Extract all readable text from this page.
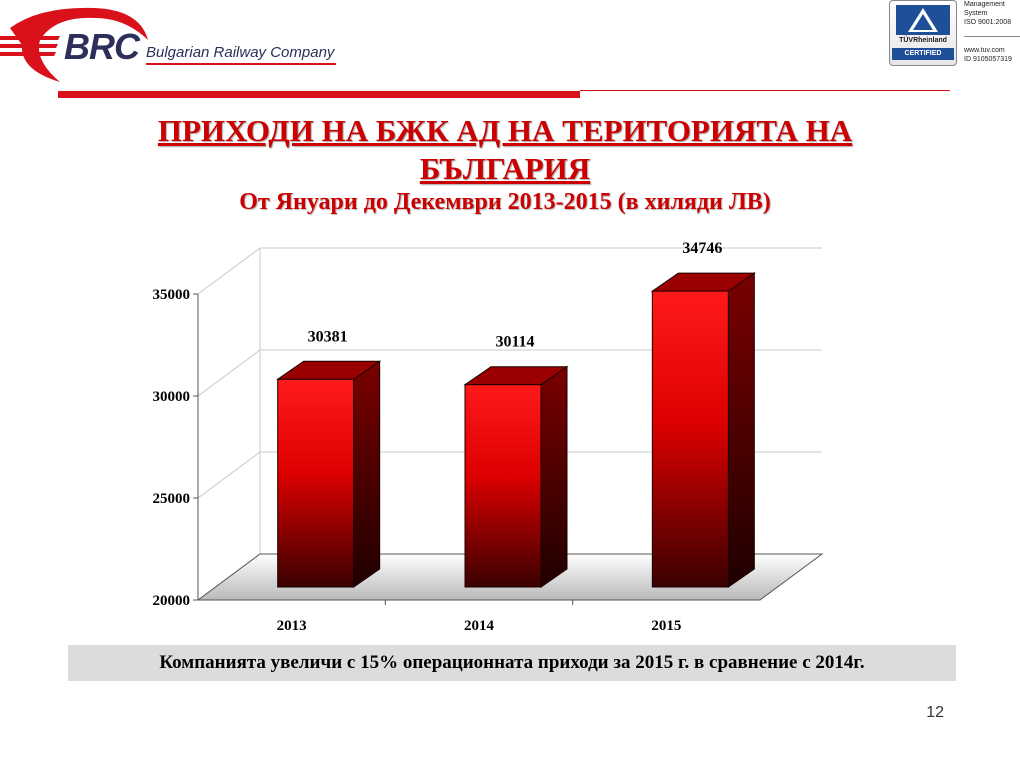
BRC Bulgarian Railway Company
TÜVRheinland
CERTIFIED
Management
System
ISO 9001:2008
www.tuv.com
ID 9105057319
ПРИХОДИ НА БЖК АД НА ТЕРИТОРИЯТА НА
БЪЛГАРИЯ
От Януари до Декември 2013-2015 (в хиляди ЛВ)
20000
25000
30000
35000
30381
2013
30114
2014
34746
2015
Компанията увеличи с 15% операционната приходи за 2015 г. в сравнение с 2014г.
12
